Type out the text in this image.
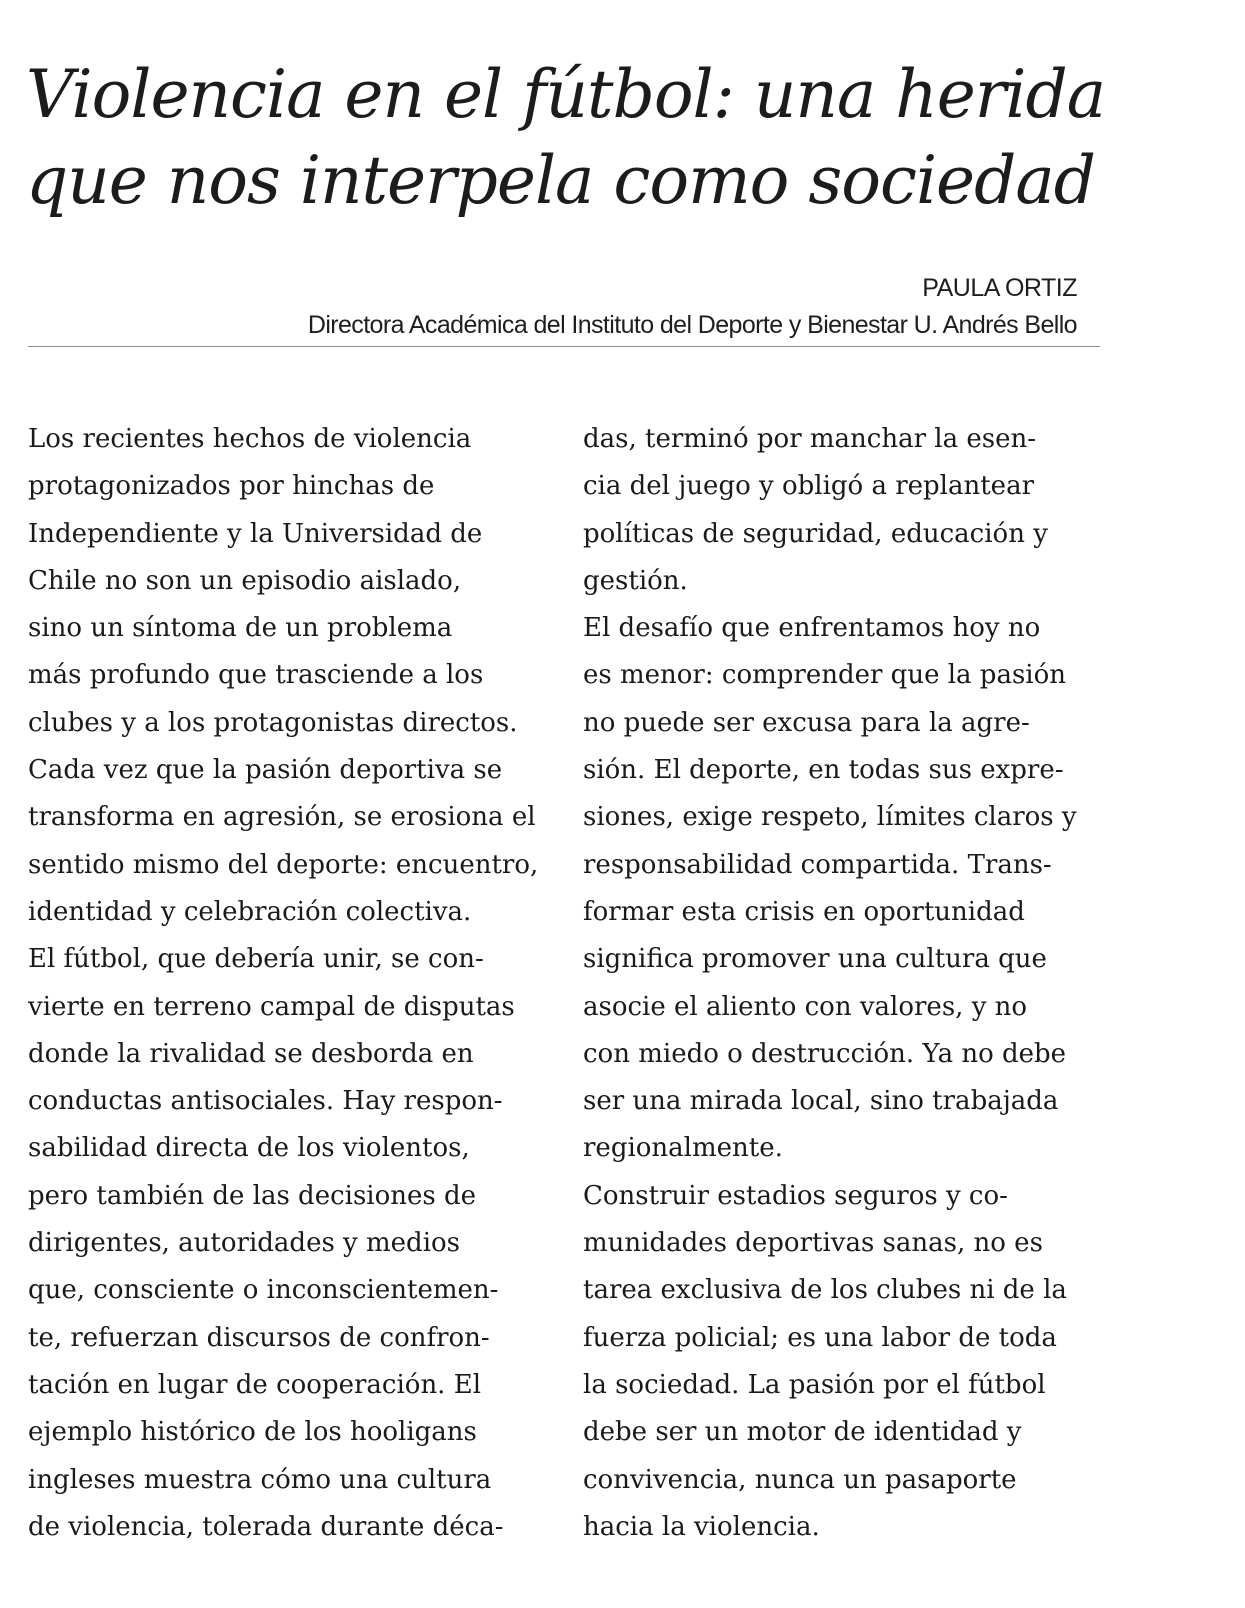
Violencia en el fútbol: una herida
que nos interpela como sociedad
PAULA ORTIZ
Directora Académica del Instituto del Deporte y Bienestar U. Andrés Bello
Los recientes hechos de violencia
protagonizados por hinchas de
Independiente y la Universidad de
Chile no son un episodio aislado,
sino un síntoma de un problema
más profundo que trasciende a los
clubes y a los protagonistas directos.
Cada vez que la pasión deportiva se
transforma en agresión, se erosiona el
sentido mismo del deporte: encuentro,
identidad y celebración colectiva.
El fútbol, que debería unir, se con-
vierte en terreno campal de disputas
donde la rivalidad se desborda en
conductas antisociales. Hay respon-
sabilidad directa de los violentos,
pero también de las decisiones de
dirigentes, autoridades y medios
que, consciente o inconscientemen-
te, refuerzan discursos de confron-
tación en lugar de cooperación. El
ejemplo histórico de los hooligans
ingleses muestra cómo una cultura
de violencia, tolerada durante déca-
das, terminó por manchar la esen-
cia del juego y obligó a replantear
políticas de seguridad, educación y
gestión.
El desafío que enfrentamos hoy no
es menor: comprender que la pasión
no puede ser excusa para la agre-
sión. El deporte, en todas sus expre-
siones, exige respeto, límites claros y
responsabilidad compartida. Trans-
formar esta crisis en oportunidad
significa promover una cultura que
asocie el aliento con valores, y no
con miedo o destrucción. Ya no debe
ser una mirada local, sino trabajada
regionalmente.
Construir estadios seguros y co-
munidades deportivas sanas, no es
tarea exclusiva de los clubes ni de la
fuerza policial; es una labor de toda
la sociedad. La pasión por el fútbol
debe ser un motor de identidad y
convivencia, nunca un pasaporte
hacia la violencia.
